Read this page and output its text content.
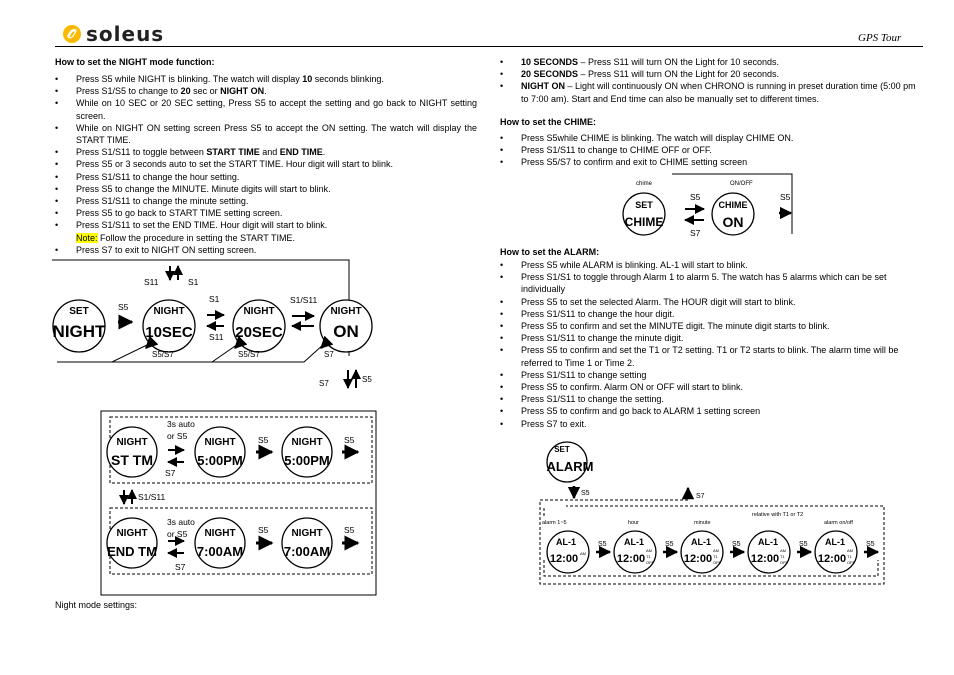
soleus	GPS Tour
How to set the NIGHT mode function:
• Press S5 while NIGHT is blinking. The watch will display 10 seconds blinking.
• Press S1/S5 to change to 20 sec or NIGHT ON.
• While on 10 SEC or 20 SEC setting, Press S5 to accept the setting and go back to NIGHT setting screen.
• While on NIGHT ON setting screen Press S5 to accept the ON setting. The watch will display the START TIME.
• Press S1/S11 to toggle between START TIME and END TIME.
• Press S5 or 3 seconds auto to set the START TIME. Hour digit will start to blink.
• Press S1/S11 to change the hour setting.
• Press S5 to change the MINUTE. Minute digits will start to blink.
• Press S1/S11 to change the minute setting.
• Press S5 to go back to START TIME setting screen.
• Press S1/S11 to set the END TIME. Hour digit will start to blink.
Note: Follow the procedure in setting the START TIME.
• Press S7 to exit to NIGHT ON setting screen.
SET
NIGHT
NIGHT
10SEC
NIGHT
20SEC
NIGHT
ON
S11	S1
S5
S1
S11
S1/S11
S5/S7	S5/S7	S7
S7	S5
NIGHT
ST TM
NIGHT
5:00PM
NIGHT
5:00PM
NIGHT
END TM
NIGHT
7:00AM
NIGHT
7:00AM
3s auto
or S5
S7
S5	S5
S1/S11
3s auto
or S5
S7
S5	S5
Night mode settings:
• 10 SECONDS – Press S11 will turn ON the Light for 10 seconds.
• 20 SECONDS – Press S11 will turn ON the Light for 20 seconds.
• NIGHT ON – Light will continuously ON when CHRONO is running in preset duration time (5:00 pm to 7:00 am). Start and End time can also be manually set to different times.
How to set the CHIME:
• Press S5while CHIME is blinking. The watch will display CHIME ON.
• Press S1/S11 to change to CHIME OFF or OFF.
• Press S5/S7 to confirm and exit to CHIME setting screen
chime	ON/OFF
SET
CHIME
CHIME
ON
S5
S7
S5
How to set the ALARM:
• Press S5 while ALARM is blinking. AL-1 will start to blink.
• Press S1/S1 to toggle through Alarm 1 to alarm 5. The watch has 5 alarms which can be set individually
• Press S5 to set the selected Alarm. The HOUR digit will start to blink.
• Press S1/S11 to change the hour digit.
• Press S5 to confirm and set the MINUTE digit. The minute digit starts to blink.
• Press S1/S11 to change the minute digit.
• Press S5 to confirm and set the T1 or T2 setting. T1 or T2 starts to blink. The alarm time will be referred to Time 1 or Time 2.
• Press S1/S11 to change setting
• Press S5 to confirm. Alarm ON or OFF will start to blink.
• Press S1/S11 to change the setting.
• Press S5 to confirm and go back to ALARM 1 setting screen
• Press S7 to exit.
SET
ALARM
S5	S7
alarm 1~5	hour	minute
relative with T1 or T2
alarm on/off
AL-1
12:00 AM
AL-1
12:00
AM
T1
OFF
AL-1
12:00
AM
T1
OFF
AL-1
12:00
AM
T1
OFF
AL-1
12:00
AM
T1
OFF
S5	S5	S5	S5	S5
